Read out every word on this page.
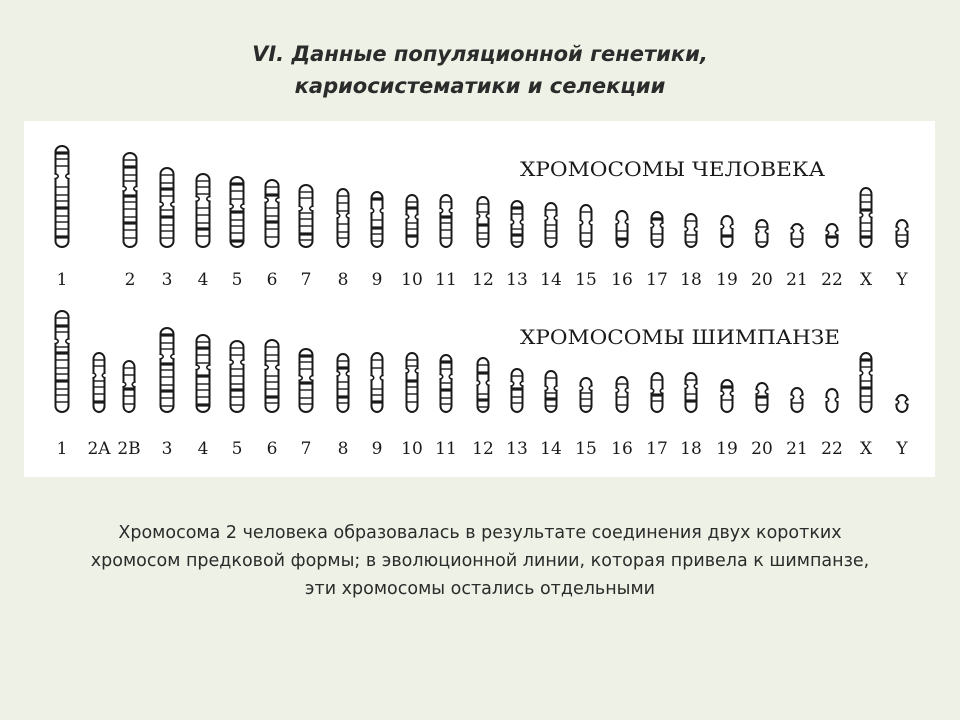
VI. Данные популяционной генетики,
кариосистематики и селекции
ХРОМОСОМЫ ЧЕЛОВЕКА
1	2 3 4 5 6 7 8 9 10 11 12 13 14 15 16 17 18 19 20 21 22 X Y
ХРОМОСОМЫ ШИМПАНЗЕ
1 2A 2B 3 4 5 6 7 8 9 10 11 12 13 14 15 16 17 18 19 20 21 22 X Y
Хромосома 2 человека образовалась в результате соединения двух коротких
хромосом предковой формы; в эволюционной линии, которая привела к шимпанзе,
эти хромосомы остались отдельными
